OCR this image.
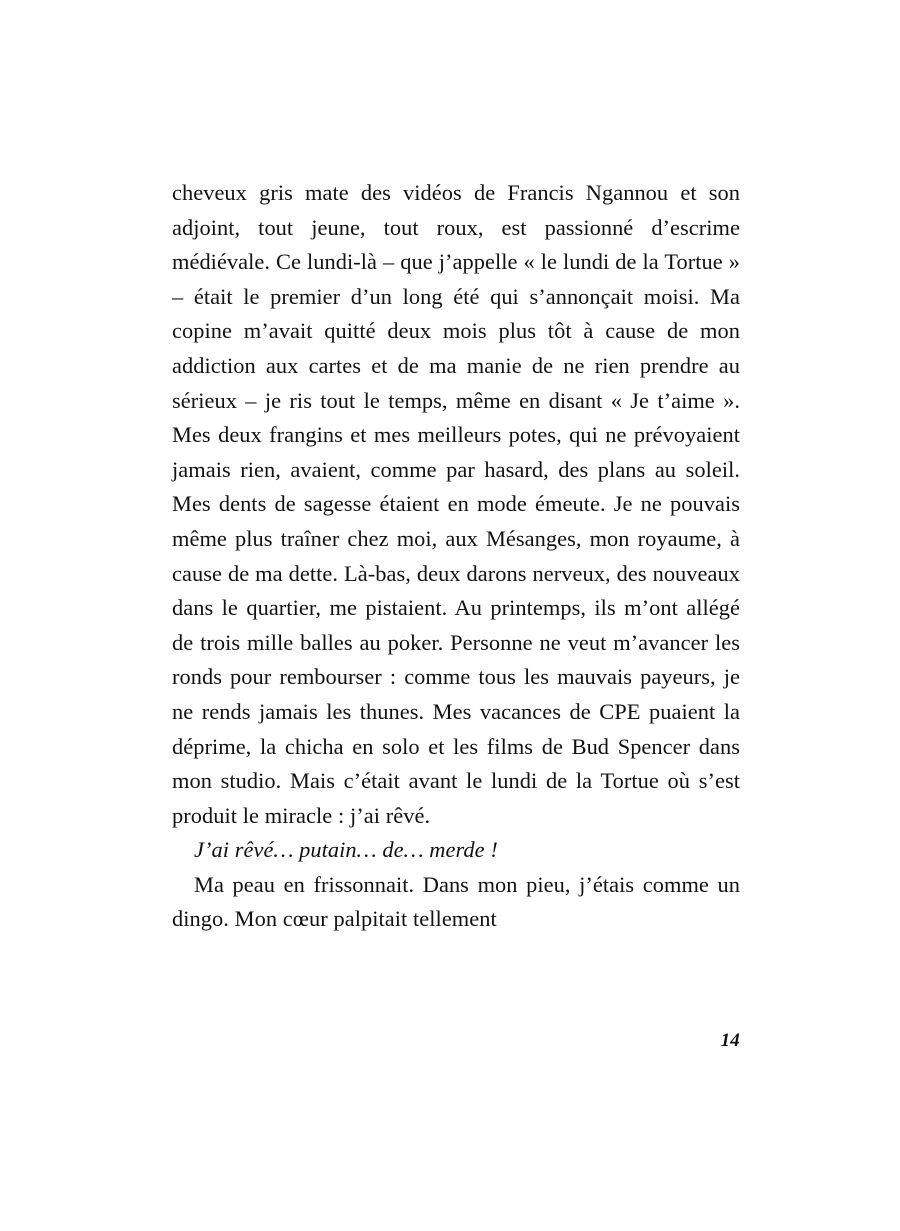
cheveux gris mate des vidéos de Francis Ngannou et son adjoint, tout jeune, tout roux, est passionné d’escrime médiévale. Ce lundi-là – que j’appelle « le lundi de la Tortue » – était le premier d’un long été qui s’annonçait moisi. Ma copine m’avait quitté deux mois plus tôt à cause de mon addiction aux cartes et de ma manie de ne rien prendre au sérieux – je ris tout le temps, même en disant « Je t’aime ». Mes deux frangins et mes meilleurs potes, qui ne prévoyaient jamais rien, avaient, comme par hasard, des plans au soleil. Mes dents de sagesse étaient en mode émeute. Je ne pouvais même plus traîner chez moi, aux Mésanges, mon royaume, à cause de ma dette. Là-bas, deux darons nerveux, des nouveaux dans le quartier, me pistaient. Au printemps, ils m’ont allégé de trois mille balles au poker. Personne ne veut m’avancer les ronds pour rembourser : comme tous les mauvais payeurs, je ne rends jamais les thunes. Mes vacances de CPE puaient la déprime, la chicha en solo et les films de Bud Spencer dans mon studio. Mais c’était avant le lundi de la Tortue où s’est produit le miracle : j’ai rêvé.

J’ai rêvé… putain… de… merde !

Ma peau en frissonnait. Dans mon pieu, j’étais comme un dingo. Mon cœur palpitait tellement

14
